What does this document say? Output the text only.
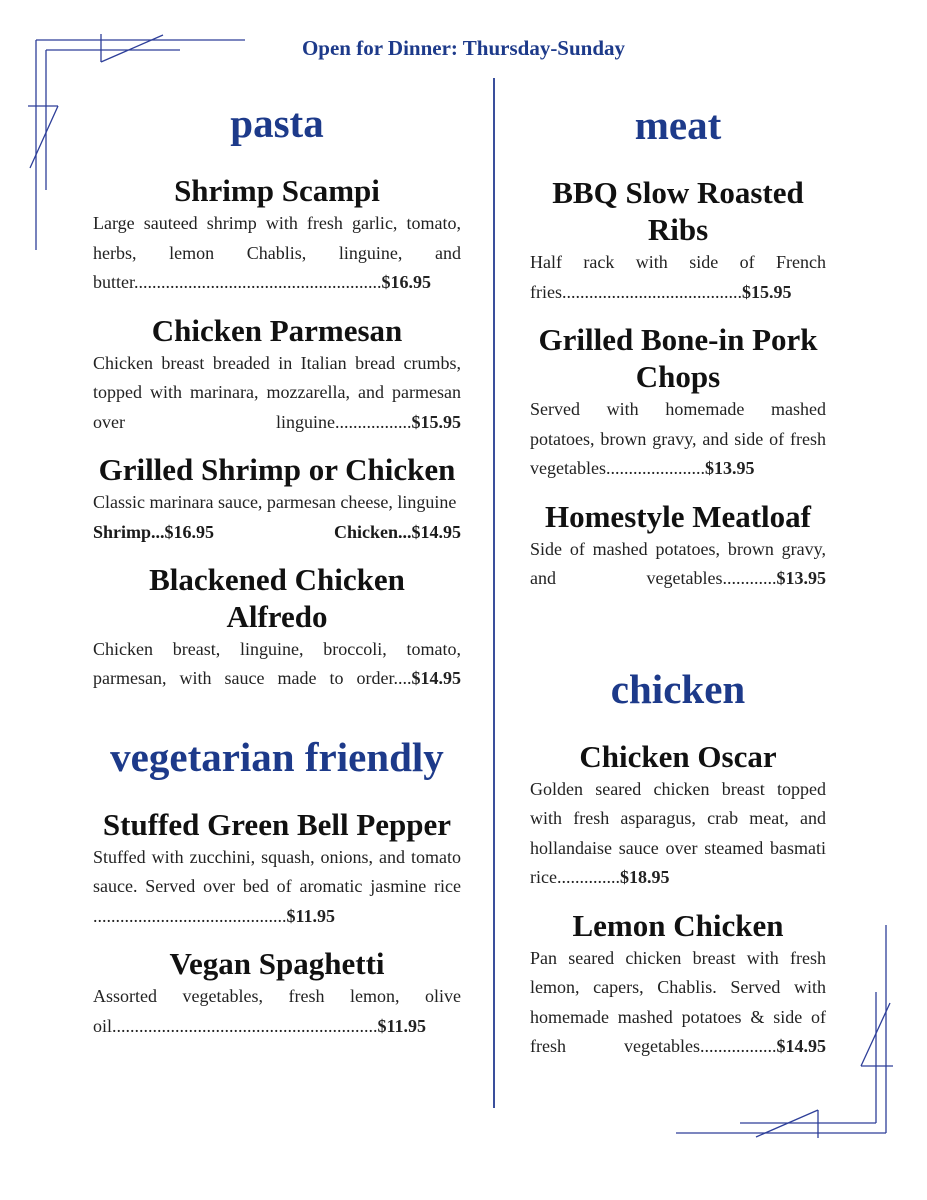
Open for Dinner: Thursday-Sunday
pasta
Shrimp Scampi

Large sauteed shrimp with fresh garlic, tomato, herbs, lemon Chablis, linguine, and butter.......................................................$16.95

Chicken Parmesan

Chicken breast breaded in Italian bread crumbs, topped with marinara, mozzarella, and parmesan over linguine.................$15.95

Grilled Shrimp or Chicken

Classic marinara sauce, parmesan cheese, linguine

Shrimp...$16.95	Chicken...$14.95
Blackened Chicken Alfredo

Chicken breast, linguine, broccoli, tomato, parmesan, with sauce made to order....$14.95

vegetarian friendly
Stuffed Green Bell Pepper

Stuffed with zucchini, squash, onions, and tomato sauce. Served over bed of aromatic jasmine rice ...........................................$11.95

Vegan Spaghetti

Assorted vegetables, fresh lemon, olive oil...........................................................$11.95

meat
BBQ Slow Roasted Ribs

Half rack with side of French fries........................................$15.95

Grilled Bone-in Pork Chops

Served with homemade mashed potatoes, brown gravy, and side of fresh vegetables......................$13.95

Homestyle Meatloaf

Side of mashed potatoes, brown gravy, and vegetables............$13.95

chicken
Chicken Oscar

Golden seared chicken breast topped with fresh asparagus, crab meat, and hollandaise sauce over steamed basmati rice..............$18.95

Lemon Chicken

Pan seared chicken breast with fresh lemon, capers, Chablis. Served with homemade mashed potatoes & side of fresh vegetables.................$14.95
